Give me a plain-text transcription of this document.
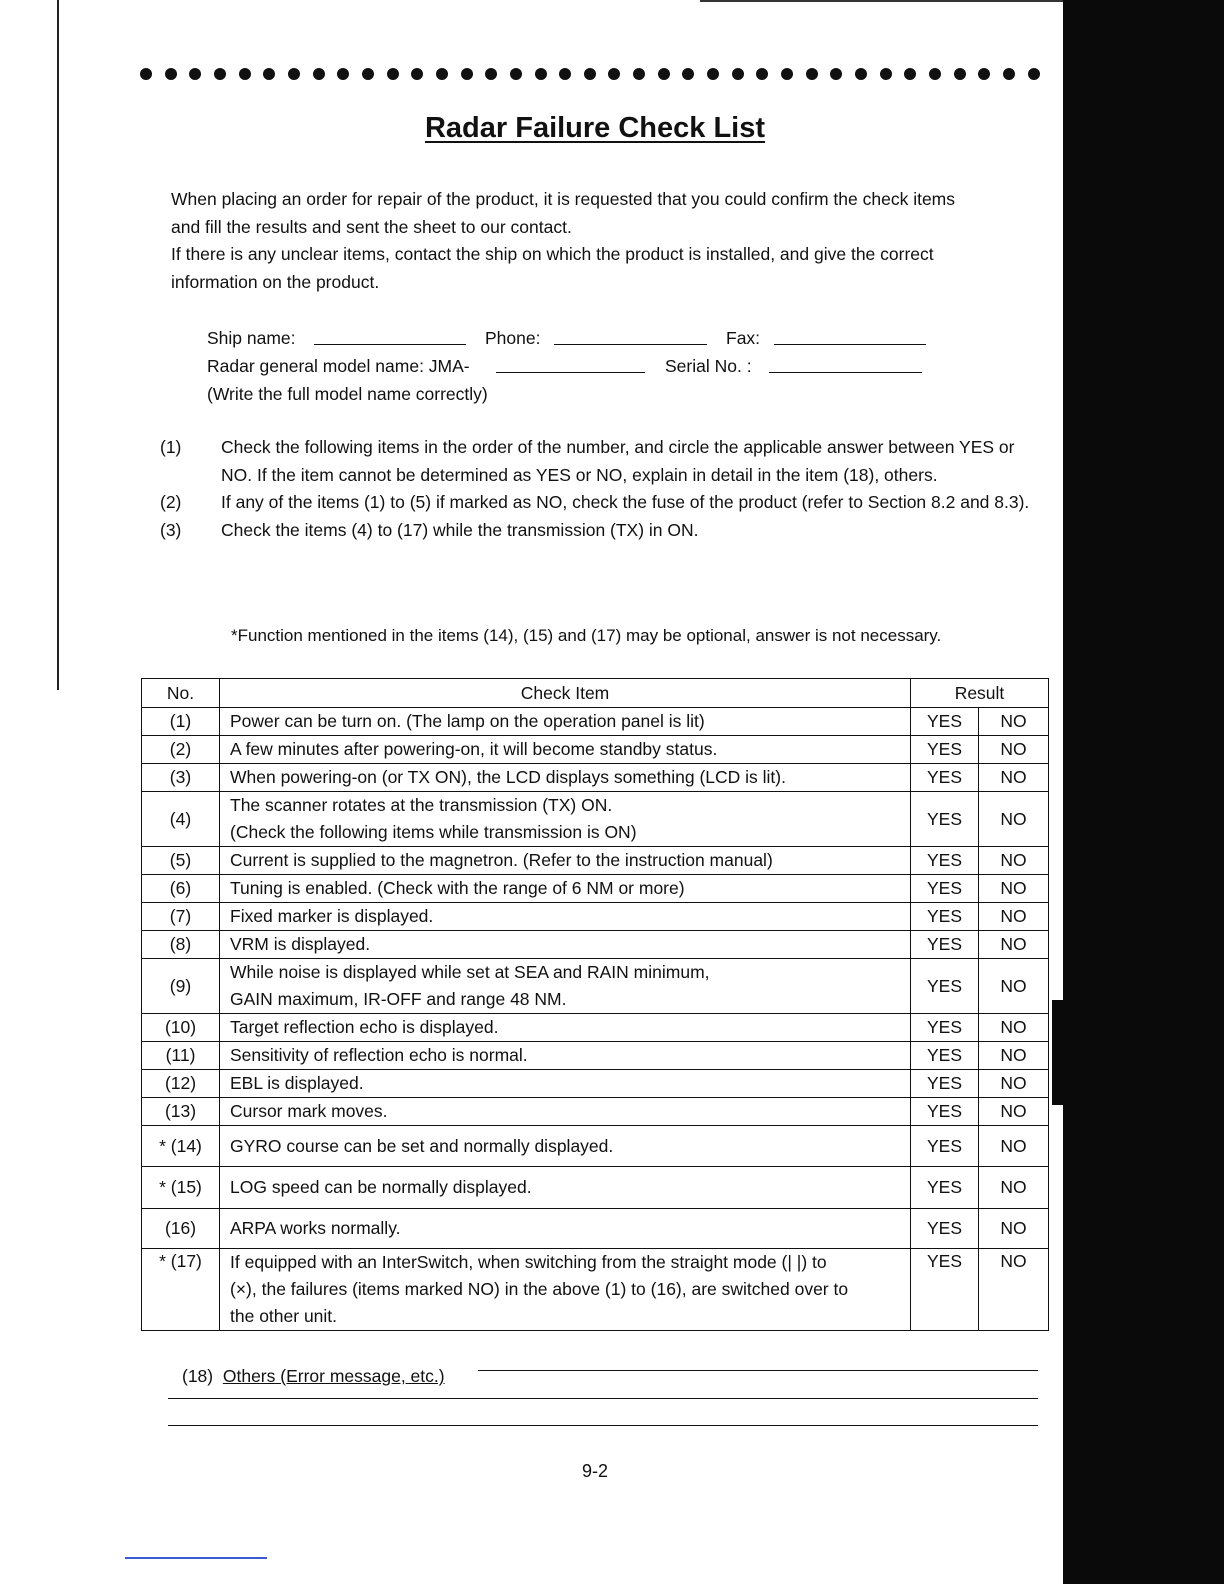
Radar Failure Check List

When placing an order for repair of the product, it is requested that you could confirm the check items

and fill the results and sent the sheet to our contact.

If there is any unclear items, contact the ship on which the product is installed, and give the correct

information on the product.

Ship name:	Phone:	Fax:
Radar general model name: JMA-	Serial No. :
(Write the full model name correctly)
(1)	Check the following items in the order of the number, and circle the applicable answer between YES or NO. If the item cannot be determined as YES or NO, explain in detail in the item (18), others.
(2)	If any of the items (1) to (5) if marked as NO, check the fuse of the product (refer to Section 8.2 and 8.3).
(3)	Check the items (4) to (17) while the transmission (TX) in ON.
*Function mentioned in the items (14), (15) and (17) may be optional, answer is not necessary.
No.	Check Item	Result	
(1)	Power can be turn on. (The lamp on the operation panel is lit)	YES	NO
(2)	A few minutes after powering-on, it will become standby status.	YES	NO
(3)	When powering-on (or TX ON), the LCD displays something (LCD is lit).	YES	NO
(4)	The scanner rotates at the transmission (TX) ON.
(Check the following items while transmission is ON)	YES	NO
(5)	Current is supplied to the magnetron. (Refer to the instruction manual)	YES	NO
(6)	Tuning is enabled. (Check with the range of 6 NM or more)	YES	NO
(7)	Fixed marker is displayed.	YES	NO
(8)	VRM is displayed.	YES	NO
(9)	While noise is displayed while set at SEA and RAIN minimum,
GAIN maximum, IR-OFF and range 48 NM.	YES	NO
(10)	Target reflection echo is displayed.	YES	NO
(11)	Sensitivity of reflection echo is normal.	YES	NO
(12)	EBL is displayed.	YES	NO
(13)	Cursor mark moves.	YES	NO
* (14)	GYRO course can be set and normally displayed.	YES	NO
* (15)	LOG speed can be normally displayed.	YES	NO
(16)	ARPA works normally.	YES	NO
* (17)	If equipped with an InterSwitch, when switching from the straight mode (| |) to
(×), the failures (items marked NO) in the above (1) to (16), are switched over to
the other unit.	YES	NO
(18) Others (Error message, etc.)
9-2
